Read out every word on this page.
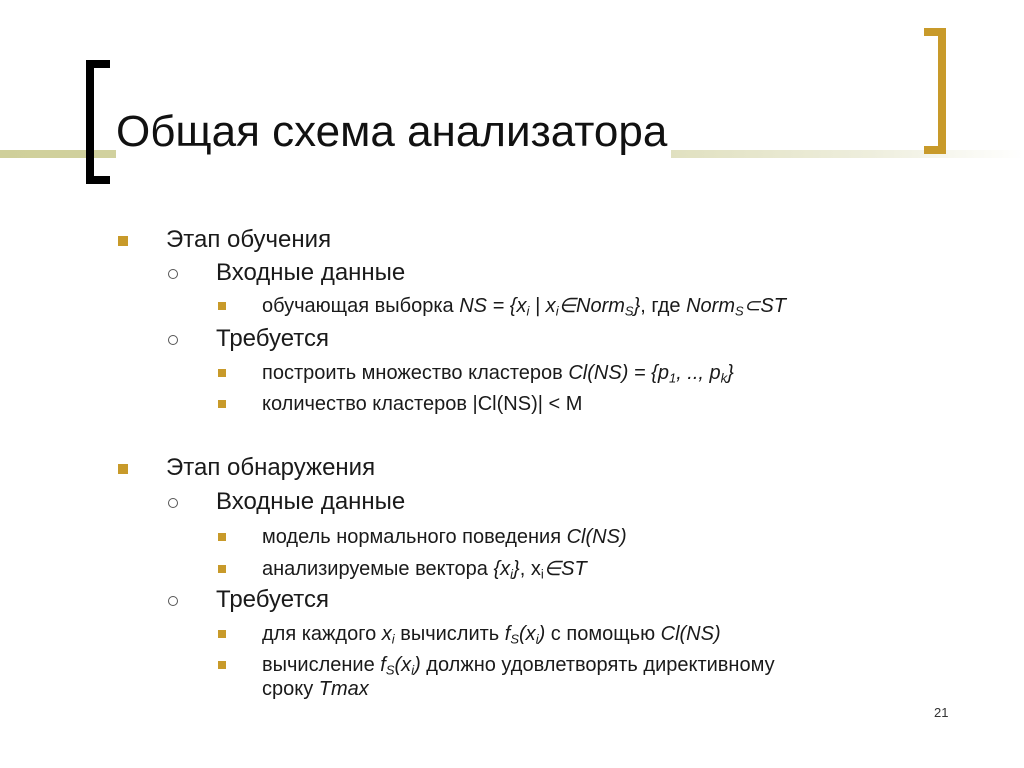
Общая схема анализатора
Этап обучения
Входные данные
обучающая выборка NS = {$x_i$ | $x_i\in Norm_S$}, где Norm$_S$⊂ST
Требуется
построить множество кластеров $Cl(NS) = \{p_1$, .., $p_k$}
количество кластеров |Cl(NS)| < M
Этап обнаружения
Входные данные
модель нормального поведения Cl(NS)
анализируемые вектора $\{x_i\}$, $x_i\in ST$
Требуется
для каждого $x_i$ вычислить $f_S(x_i)$ с помощью Cl(NS)
вычисление $f_S(x_i)$ должно удовлетворять директивному
сроку Tmax
21
